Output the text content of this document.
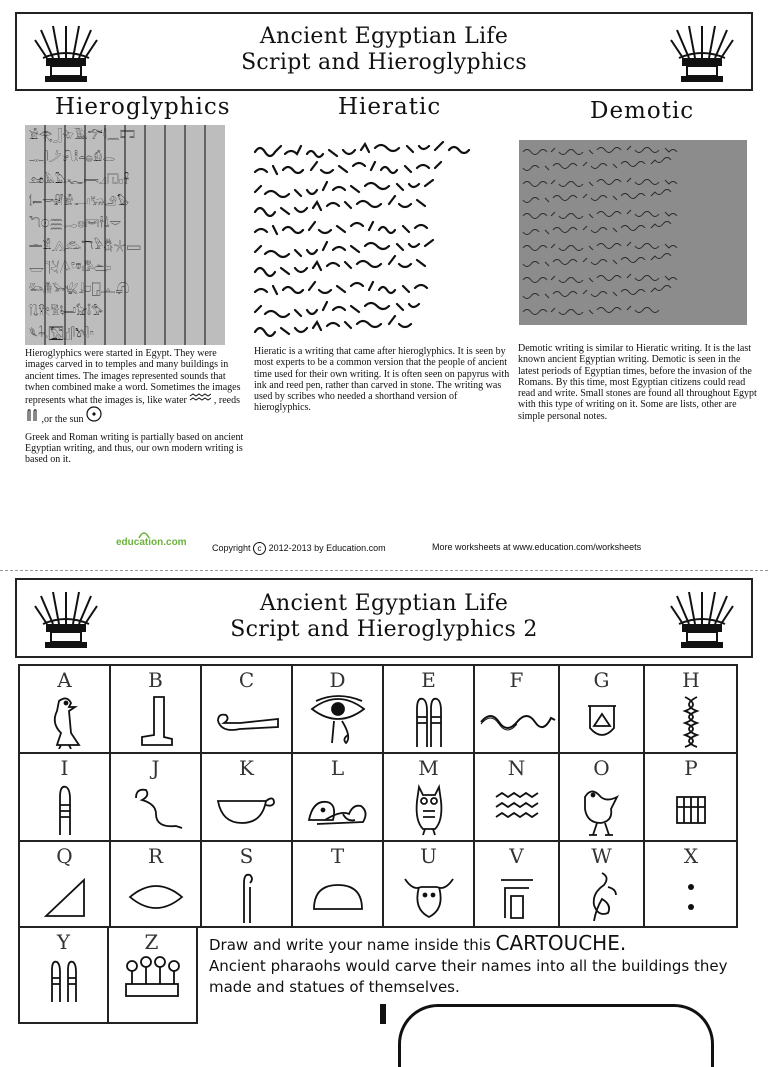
Ancient Egyptian Life
Script and Hieroglyphics
Hieroglyphics	Hieratic	Demotic
𓀀𓂀𓃀𓄀𓅀𓆀𓇋𓈖𓉐
𓊃𓋴𓌳𓍯𓎛𓏏𓐍𓀁𓂋
𓃭𓄿𓅓𓆑𓇯𓈎𓉔𓊪𓋹
𓌀𓍿𓎡𓏞𓀂𓂝𓃒𓄂𓅃
𓆓𓇳𓈗𓉻𓊖𓋞𓌂𓍑𓎟
𓏛𓀃𓂻𓃹𓄓𓅱𓆣𓇼𓈙
𓉿𓊹𓋔𓌅𓍢𓎼𓏤𓀄𓂧
𓃛𓄟𓅨𓆤𓇍𓈞𓉗𓊵𓋨
𓌉𓍖𓎃𓏲𓀅𓂡𓃠𓄤𓅜
𓆰𓇓𓈒𓉡𓊨𓋴𓌗𓍘𓎆

Hieroglyphics were started in Egypt. They were images carved in to temples and many buildings in ancient times. The images represented sounds that twhen combined make a word. Sometimes the images represents what the images is, like water	, reeds  ,or the sun

Greek and Roman writing is partially based on ancient Egyptian writing, and thus, our own modern writing is based on it.

Hieratic is a writing that came after hieroglyphics. It is seen by most experts to be a common version that the people of ancient time used for their own writing. It is often seen on papyrus with ink and reed pen, rather than carved in stone. The writing was used by scribes who needed a shorthand version of hieroglyphics.

Demotic writing is similar to Hieratic writing. It is the last known ancient Egyptian writing. Demotic is seen in the latest periods of Egyptian times, before the invasion of the Romans. By this time, most Egyptian citizens could read read and write. Small stones are found all throughout Egypt with this type of writing on it. Some are lists, other are simple personal notes.

education.com	Copyright c 2012-2013 by Education.com	More worksheets at www.education.com/worksheets
Ancient Egyptian Life
Script and Hieroglyphics 2
A	B	C	D	E	F	G	H
I	J	K	L	M	N	O	P
Q	R	S	T	U	V	W	X
Y	Z	Draw and write your name inside this CARTOUCHE.
Ancient pharaohs would carve their names into all the buildings they made and statues of themselves.
